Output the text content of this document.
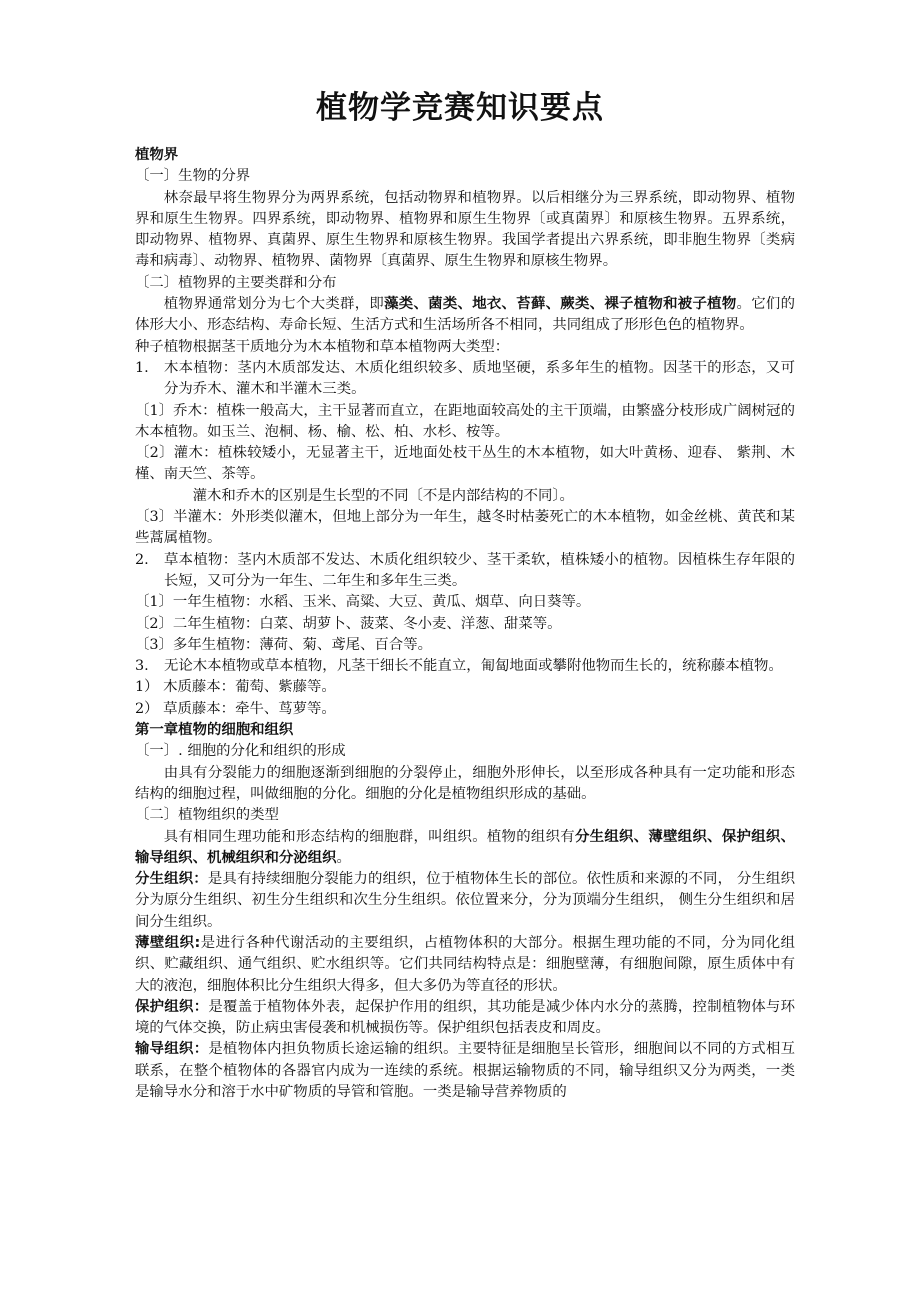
植物学竞赛知识要点

植物界

〔一〕生物的分界

林奈最早将生物界分为两界系统，包括动物界和植物界。以后相继分为三界系统，即动物界、植物界和原生生物界。四界系统，即动物界、植物界和原生生物界〔或真菌界〕和原核生物界。五界系统，即动物界、植物界、真菌界、原生生物界和原核生物界。我国学者提出六界系统，即非胞生物界〔类病毒和病毒〕、动物界、植物界、菌物界〔真菌界、原生生物界和原核生物界。

〔二〕植物界的主要类群和分布

植物界通常划分为七个大类群，即藻类、菌类、地衣、苔藓、蕨类、裸子植物和被子植物。它们的体形大小、形态结构、寿命长短、生活方式和生活场所各不相同，共同组成了形形色色的植物界。

种子植物根据茎干质地分为木本植物和草本植物两大类型：

1.	木本植物：茎内木质部发达、木质化组织较多、质地坚硬，系多年生的植物。因茎干的形态，又可分为乔木、灌木和半灌木三类。

〔1〕乔木：植株一般高大，主干显著而直立，在距地面较高处的主干顶端，由繁盛分枝形成广阔树冠的木本植物。如玉兰、泡桐、杨、榆、松、柏、水杉、桉等。

〔2〕灌木：植株较矮小，无显著主干，近地面处枝干丛生的木本植物，如大叶黄杨、迎春、 紫荆、木槿、南天竺、茶等。

灌木和乔木的区别是生长型的不同〔不是内部结构的不同〕。

〔3〕半灌木：外形类似灌木，但地上部分为一年生，越冬时枯萎死亡的木本植物，如金丝桃、黄芪和某些蒿属植物。

2.	草本植物：茎内木质部不发达、木质化组织较少、茎干柔软，植株矮小的植物。因植株生存年限的长短，又可分为一年生、二年生和多年生三类。

〔1〕一年生植物：水稻、玉米、高粱、大豆、黄瓜、烟草、向日葵等。

〔2〕二年生植物：白菜、胡萝卜、菠菜、冬小麦、洋葱、甜菜等。

〔3〕多年生植物：薄荷、菊、鸢尾、百合等。

3.	无论木本植物或草本植物，凡茎干细长不能直立，匍匐地面或攀附他物而生长的，统称藤本植物。

1） 木质藤本：葡萄、紫藤等。

2） 草质藤本：牵牛、茑萝等。

第一章植物的细胞和组织

〔一〕. 细胞的分化和组织的形成

由具有分裂能力的细胞逐渐到细胞的分裂停止，细胞外形伸长，以至形成各种具有一定功能和形态结构的细胞过程，叫做细胞的分化。细胞的分化是植物组织形成的基础。

〔二〕植物组织的类型

具有相同生理功能和形态结构的细胞群，叫组织。植物的组织有分生组织、薄壁组织、保护组织、输导组织、机械组织和分泌组织。

分生组织：是具有持续细胞分裂能力的组织，位于植物体生长的部位。依性质和来源的不同， 分生组织分为原分生组织、初生分生组织和次生分生组织。依位置来分，分为顶端分生组织， 侧生分生组织和居间分生组织。

薄壁组织:是进行各种代谢活动的主要组织，占植物体积的大部分。根据生理功能的不同，分为同化组织、贮藏组织、通气组织、贮水组织等。它们共同结构特点是：细胞壁薄，有细胞间隙，原生质体中有大的液泡，细胞体积比分生组织大得多，但大多仍为等直径的形状。

保护组织：是覆盖于植物体外表，起保护作用的组织，其功能是减少体内水分的蒸腾，控制植物体与环境的气体交换，防止病虫害侵袭和机械损伤等。保护组织包括表皮和周皮。

输导组织：是植物体内担负物质长途运输的组织。主要特征是细胞呈长管形，细胞间以不同的方式相互联系，在整个植物体的各器官内成为一连续的系统。根据运输物质的不同，输导组织又分为两类，一类是输导水分和溶于水中矿物质的导管和管胞。一类是输导营养物质的
